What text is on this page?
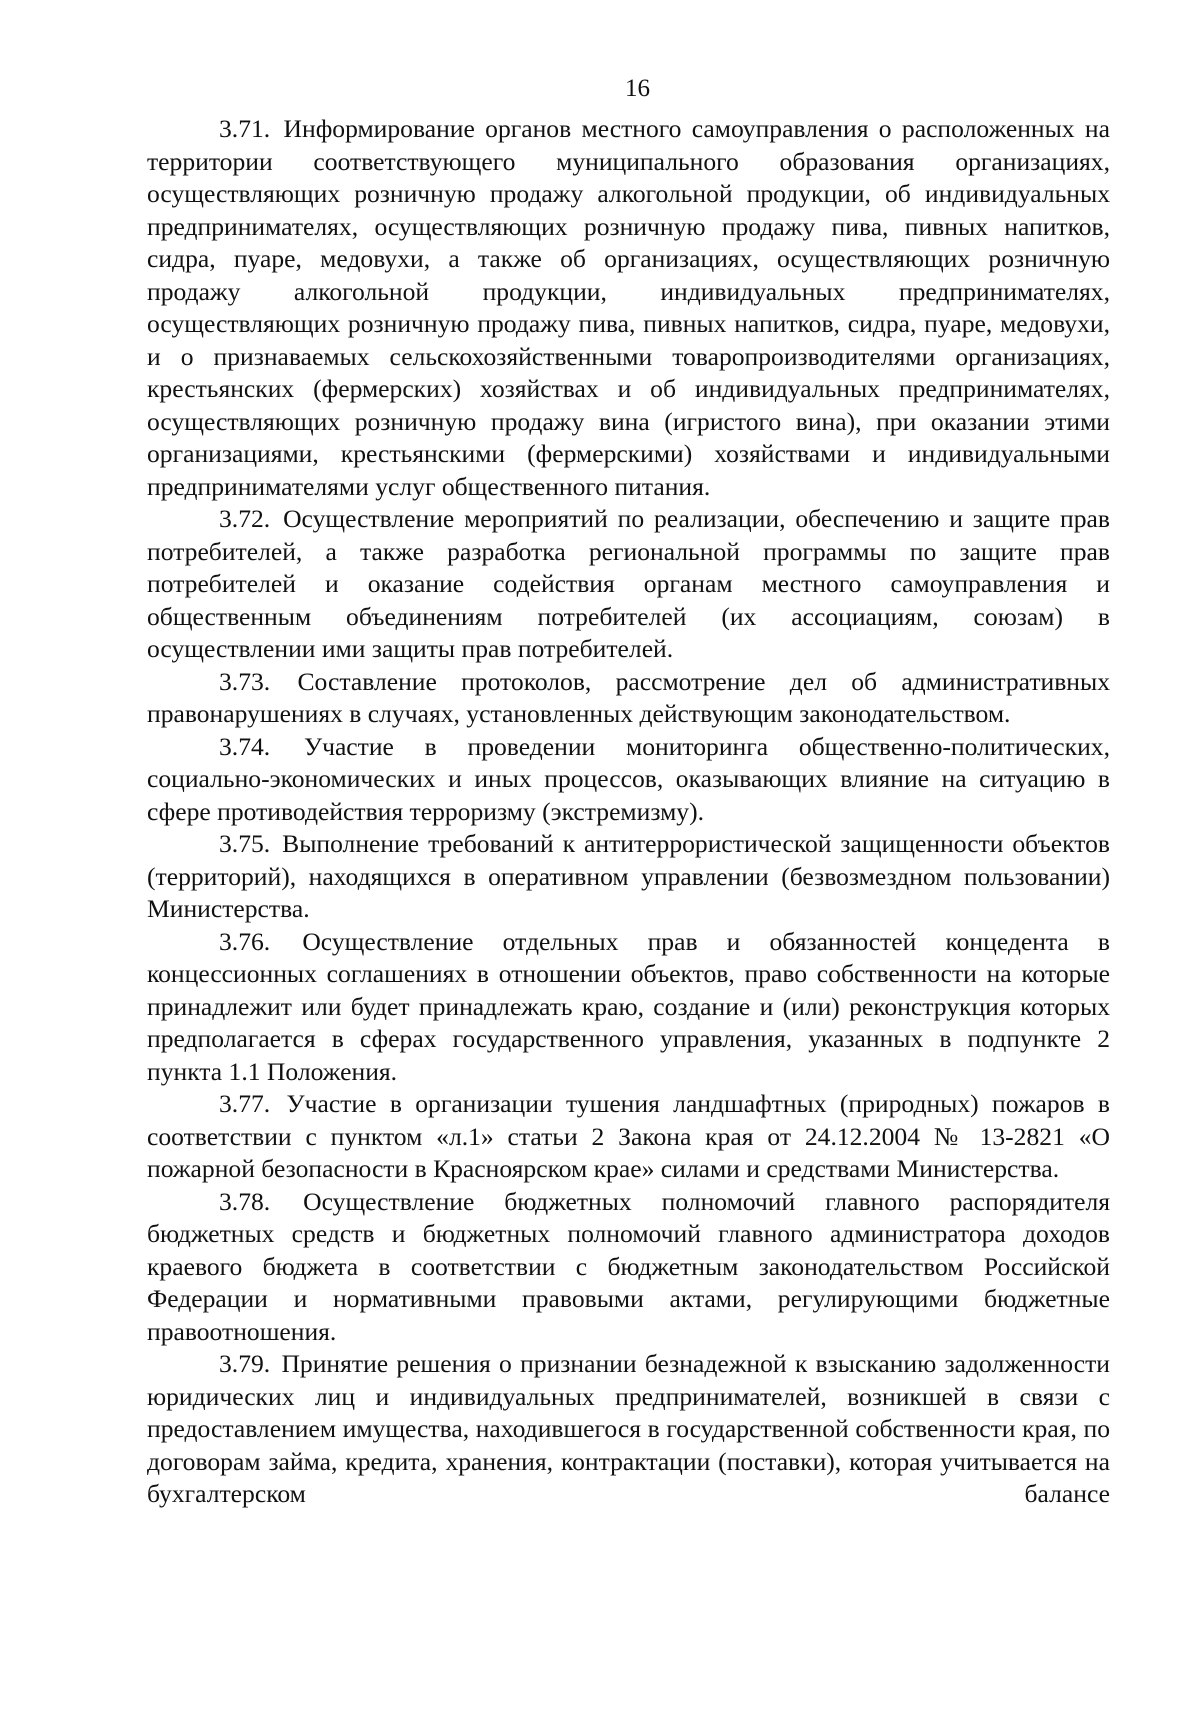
16

3.71. Информирование органов местного самоуправления о расположенных на территории соответствующего муниципального образования организациях, осуществляющих розничную продажу алкогольной продукции, об индивидуальных предпринимателях, осуществляющих розничную продажу пива, пивных напитков, сидра, пуаре, медовухи, а также об организациях, осуществляющих розничную продажу алкогольной продукции, индивидуальных предпринимателях, осуществляющих розничную продажу пива, пивных напитков, сидра, пуаре, медовухи, и о признаваемых сельскохозяйственными товаропроизводителями организациях, крестьянских (фермерских) хозяйствах и об индивидуальных предпринимателях, осуществляющих розничную продажу вина (игристого вина), при оказании этими организациями, крестьянскими (фермерскими) хозяйствами и индивидуальными предпринимателями услуг общественного питания.

3.72. Осуществление мероприятий по реализации, обеспечению и защите прав потребителей, а также разработка региональной программы по защите прав потребителей и оказание содействия органам местного самоуправления и общественным объединениям потребителей (их ассоциациям, союзам) в осуществлении ими защиты прав потребителей.

3.73. Составление протоколов, рассмотрение дел об административных правонарушениях в случаях, установленных действующим законодательством.

3.74. Участие в проведении мониторинга общественно-политических, социально-экономических и иных процессов, оказывающих влияние на ситуацию в сфере противодействия терроризму (экстремизму).

3.75. Выполнение требований к антитеррористической защищенности объектов (территорий), находящихся в оперативном управлении (безвозмездном пользовании) Министерства.

3.76. Осуществление отдельных прав и обязанностей концедента в концессионных соглашениях в отношении объектов, право собственности на которые принадлежит или будет принадлежать краю, создание и (или) реконструкция которых предполагается в сферах государственного управления, указанных в подпункте 2 пункта 1.1 Положения.

3.77. Участие в организации тушения ландшафтных (природных) пожаров в соответствии с пунктом «л.1» статьи 2 Закона края от 24.12.2004 № 13-2821 «О пожарной безопасности в Красноярском крае» силами и средствами Министерства.

3.78. Осуществление бюджетных полномочий главного распорядителя бюджетных средств и бюджетных полномочий главного администратора доходов краевого бюджета в соответствии с бюджетным законодательством Российской Федерации и нормативными правовыми актами, регулирующими бюджетные правоотношения.

3.79. Принятие решения о признании безнадежной к взысканию задолженности юридических лиц и индивидуальных предпринимателей, возникшей в связи с предоставлением имущества, находившегося в государственной собственности края, по договорам займа, кредита, хранения, контрактации (поставки), которая учитывается на бухгалтерском балансе
